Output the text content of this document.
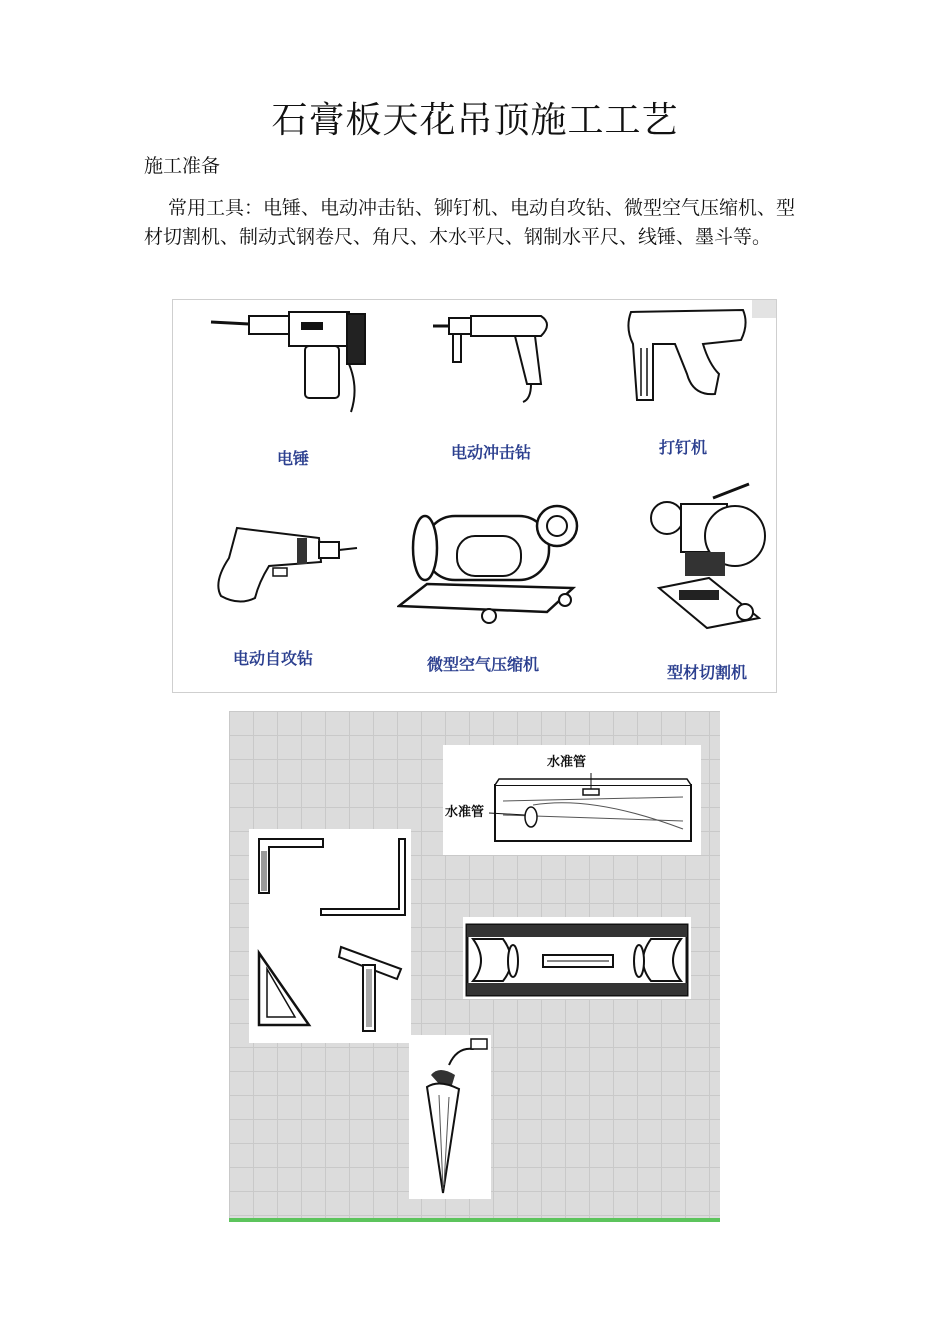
石膏板天花吊顶施工工艺
施工准备

常用工具：电锤、电动冲击钻、铆钉机、电动自攻钻、微型空气压缩机、型材切割机、制动式钢卷尺、角尺、木水平尺、钢制水平尺、线锤、墨斗等。

电锤	电动冲击钻	打钉机
电动自攻钻	微型空气压缩机	型材切割机
水准管
水准管
